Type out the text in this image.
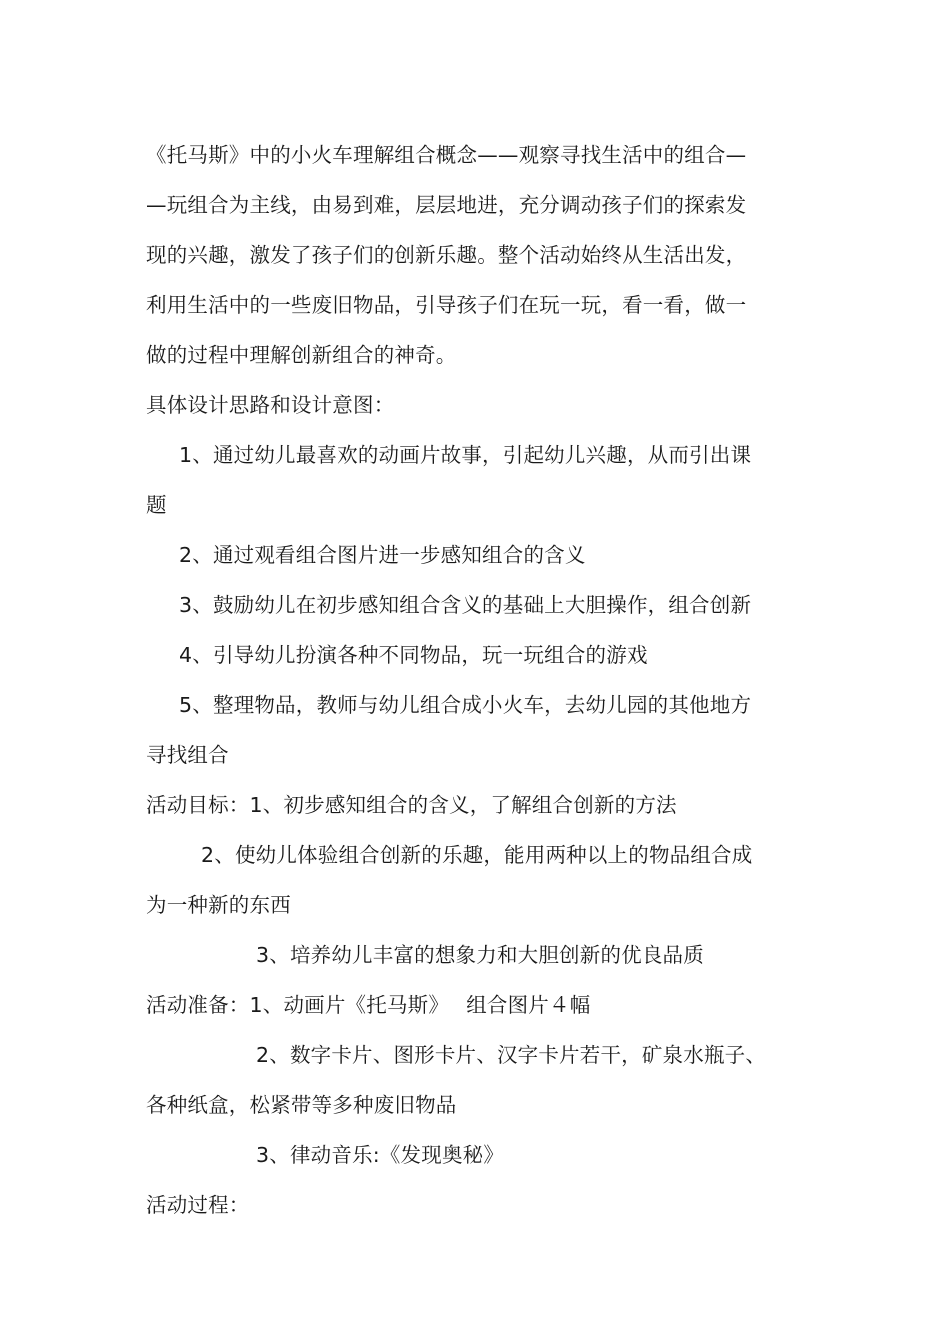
《托马斯》中的小火车理解组合概念——观察寻找生活中的组合—
—玩组合为主线，由易到难，层层地进，充分调动孩子们的探索发
现的兴趣，激发了孩子们的创新乐趣。整个活动始终从生活出发，
利用生活中的一些废旧物品，引导孩子们在玩一玩，看一看，做一
做的过程中理解创新组合的神奇。
具体设计思路和设计意图：
1、通过幼儿最喜欢的动画片故事，引起幼儿兴趣，从而引出课
题
2、通过观看组合图片进一步感知组合的含义
3、鼓励幼儿在初步感知组合含义的基础上大胆操作，组合创新
4、引导幼儿扮演各种不同物品，玩一玩组合的游戏
5、整理物品，教师与幼儿组合成小火车，去幼儿园的其他地方
寻找组合
活动目标：1、初步感知组合的含义，了解组合创新的方法
2、使幼儿体验组合创新的乐趣，能用两种以上的物品组合成
为一种新的东西
3、培养幼儿丰富的想象力和大胆创新的优良品质
活动准备：1、动画片《托马斯》　 组合图片４幅
2、数字卡片、图形卡片、汉字卡片若干，矿泉水瓶子、
各种纸盒，松紧带等多种废旧物品
3、律动音乐:《发现奥秘》
活动过程：
